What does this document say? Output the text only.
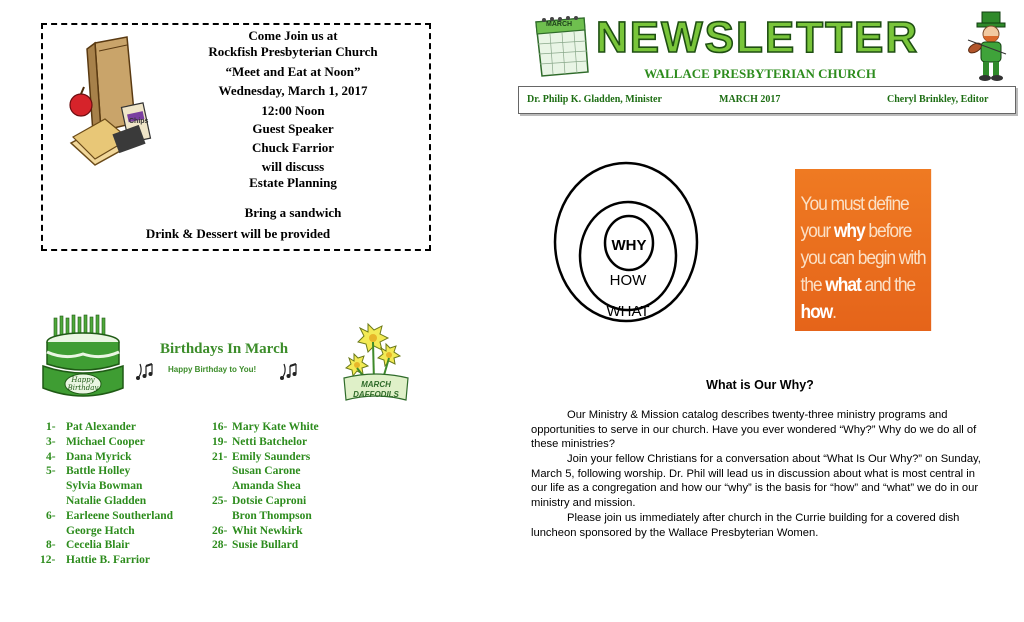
Chips
Come Join us at
Rockfish Presbyterian Church
“Meet and Eat at Noon”
Wednesday, March 1, 2017
12:00 Noon
Guest Speaker
Chuck Farrior
will discuss
Estate Planning
Bring a sandwich
Drink & Dessert will be provided
MARCH NEWSLETTER
WALLACE PRESBYTERIAN CHURCH
Dr. Philip K. Gladden, Minister	MARCH 2017	Cheryl Brinkley, Editor
WHY
HOW
WHAT
You must define your why before you can begin with the what and the how.
Happy
Birthday
Birthdays In March
Happy Birthday to You!
MARCH
DAFFODILS
1- Pat Alexander
3- Michael Cooper
4- Dana Myrick
5- Battle Holley
Sylvia Bowman
Natalie Gladden
6- Earleene Southerland
George Hatch
8- Cecelia Blair
12- Hattie B. Farrior
16- Mary Kate White
19- Netti Batchelor
21- Emily Saunders
Susan Carone
Amanda Shea
25- Dotsie Caproni
Bron Thompson
26- Whit Newkirk
28- Susie Bullard
What is Our Why?

Our Ministry & Mission catalog describes twenty-three ministry programs and opportunities to serve in our church. Have you ever wondered “Why?” Why do we do all of these ministries?

Join your fellow Christians for a conversation about “What Is Our Why?” on Sunday, March 5, following worship. Dr. Phil will lead us in discussion about what is most central in our life as a congregation and how our “why” is the basis for “how” and “what” we do in our ministry and mission.

Please join us immediately after church in the Currie building for a covered dish luncheon sponsored by the Wallace Presbyterian Women.
